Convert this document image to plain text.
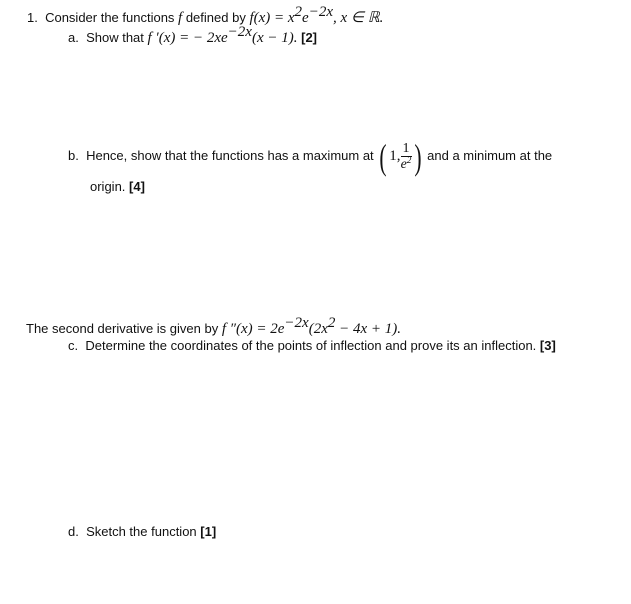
1. Consider the functions f defined by $f(x) = x^2e^{-2x}$, x ∈ ℝ.
a. Show that f ′(x) = − $2xe^{-2x}(x - 1)$. [2]
b. Hence, show that the functions has a maximum at ( 1, $\frac{1}{e^2}$ ) and a minimum at the
origin. [4]
The second derivative is given by f $''(x) = 2e^{-2x}(2x^2 - 4x + 1)$.
c. Determine the coordinates of the points of inflection and prove its an inflection. [3]
d. Sketch the function [1]
